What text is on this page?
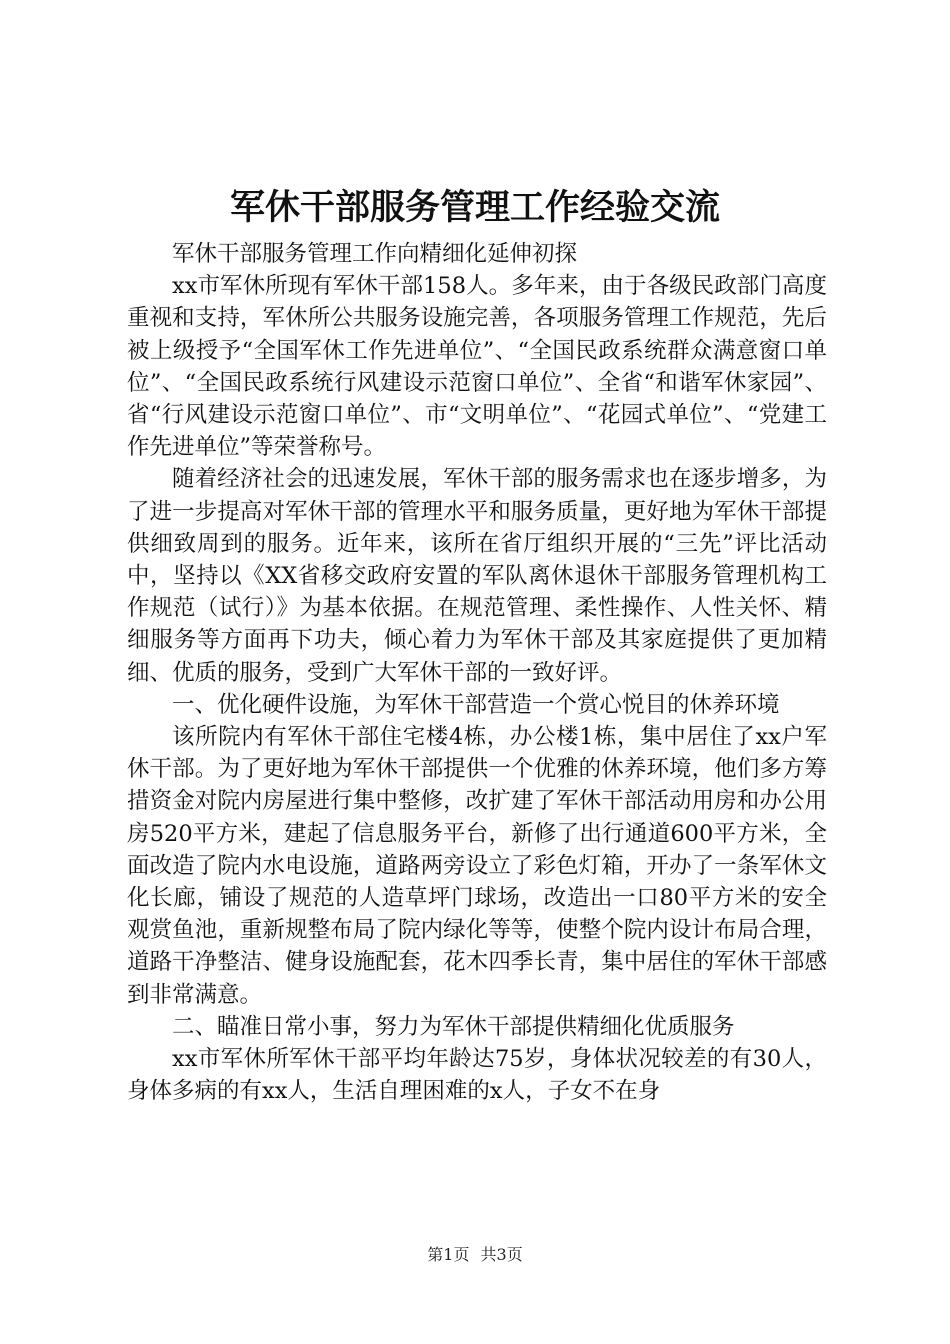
军休干部服务管理工作经验交流

军休干部服务管理工作向精细化延伸初探

xx市军休所现有军休干部158人。多年来，由于各级民政部门高度重视和支持，军休所公共服务设施完善，各项服务管理工作规范，先后被上级授予“全国军休工作先进单位”、“全国民政系统群众满意窗口单位”、“全国民政系统行风建设示范窗口单位”、全省“和谐军休家园”、省“行风建设示范窗口单位”、市“文明单位”、“花园式单位”、“党建工作先进单位”等荣誉称号。

随着经济社会的迅速发展，军休干部的服务需求也在逐步增多，为了进一步提高对军休干部的管理水平和服务质量，更好地为军休干部提供细致周到的服务。近年来，该所在省厅组织开展的“三先”评比活动中，坚持以《XX省移交政府安置的军队离休退休干部服务管理机构工作规范（试行）》为基本依据。在规范管理、柔性操作、人性关怀、精细服务等方面再下功夫，倾心着力为军休干部及其家庭提供了更加精细、优质的服务，受到广大军休干部的一致好评。

一、优化硬件设施，为军休干部营造一个赏心悦目的休养环境

该所院内有军休干部住宅楼4栋，办公楼1栋，集中居住了xx户军休干部。为了更好地为军休干部提供一个优雅的休养环境，他们多方筹措资金对院内房屋进行集中整修，改扩建了军休干部活动用房和办公用房520平方米，建起了信息服务平台，新修了出行通道600平方米，全面改造了院内水电设施，道路两旁设立了彩色灯箱，开办了一条军休文化长廊，铺设了规范的人造草坪门球场，改造出一口80平方米的安全观赏鱼池，重新规整布局了院内绿化等等，使整个院内设计布局合理，道路干净整洁、健身设施配套，花木四季长青，集中居住的军休干部感到非常满意。

二、瞄准日常小事，努力为军休干部提供精细化优质服务

xx市军休所军休干部平均年龄达75岁，身体状况较差的有30人，身体多病的有xx人，生活自理困难的x人，子女不在身

第1页 共3页
